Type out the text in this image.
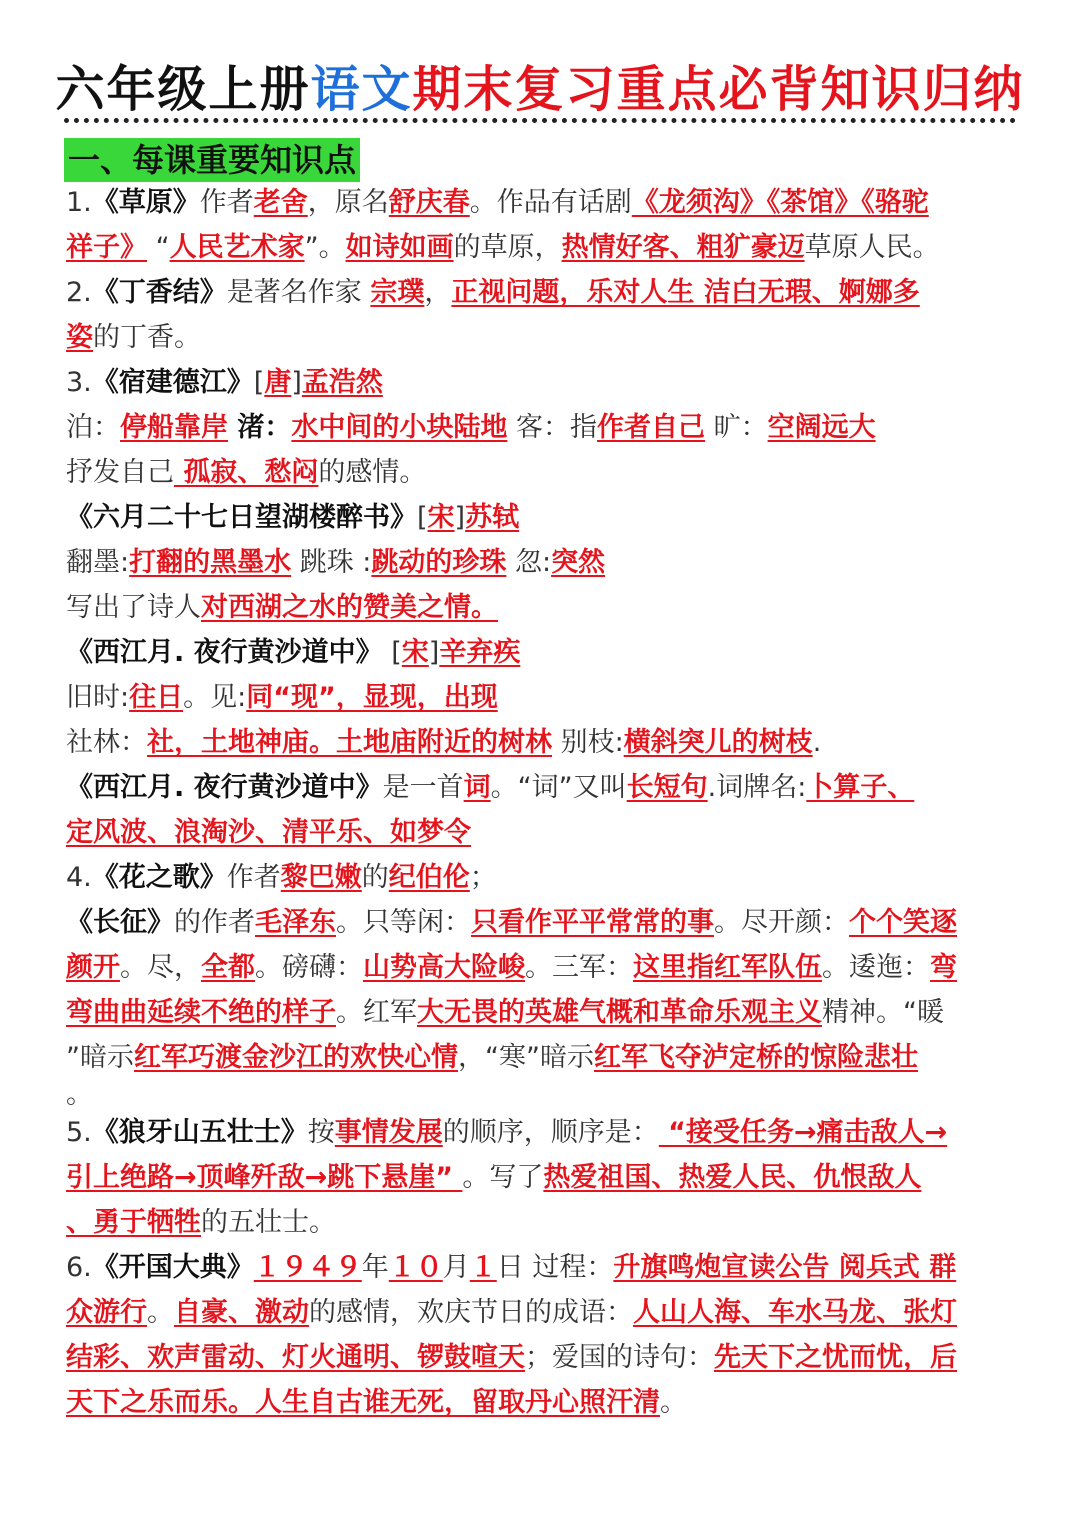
六年级上册语文期末复习重点必背知识归纳
一、每课重要知识点
1.《草原》作者老舍，原名舒庆春。作品有话剧《龙须沟》《茶馆》《骆驼
祥子》 “人民艺术家”。如诗如画的草原，热情好客、粗犷豪迈草原人民。
2.《丁香结》是著名作家 宗璞，正视问题，乐对人生 洁白无瑕、婀娜多
姿的丁香。
3.《宿建德江》[唐]孟浩然
泊：停船靠岸 渚：水中间的小块陆地 客：指作者自己 旷：空阔远大
抒发自己 孤寂、愁闷的感情。
《六月二十七日望湖楼醉书》[宋]苏轼
翻墨:打翻的黑墨水 跳珠 :跳动的珍珠 忽:突然
写出了诗人对西湖之水的赞美之情。
《西江月. 夜行黄沙道中》 [宋]辛弃疾
旧时:往日。见:同“现”，显现，出现
社林：社，土地神庙。土地庙附近的树林 别枝:横斜突儿的树枝.
《西江月. 夜行黄沙道中》是一首词。“词”又叫长短句.词牌名:卜算子、
定风波、浪淘沙、清平乐、如梦令
4.《花之歌》作者黎巴嫩的纪伯伦；
《长征》的作者毛泽东。只等闲：只看作平平常常的事。尽开颜：个个笑逐
颜开。尽，全都。磅礴：山势高大险峻。三军：这里指红军队伍。逶迤：弯
弯曲曲延续不绝的样子。红军大无畏的英雄气概和革命乐观主义精神。“暖
”暗示红军巧渡金沙江的欢快心情，“寒”暗示红军飞夺泸定桥的惊险悲壮
。
5.《狼牙山五壮士》按事情发展的顺序，顺序是： “接受任务→痛击敌人→
引上绝路→顶峰歼敌→跳下悬崖” 。写了热爱祖国、热爱人民、仇恨敌人
、勇于牺牲的五壮士。
6.《开国大典》１９４９年１０月１日 过程：升旗鸣炮宣读公告 阅兵式 群
众游行。自豪、激动的感情，欢庆节日的成语：人山人海、车水马龙、张灯
结彩、欢声雷动、灯火通明、锣鼓喧天；爱国的诗句：先天下之忧而忧，后
天下之乐而乐。人生自古谁无死，留取丹心照汗清。
